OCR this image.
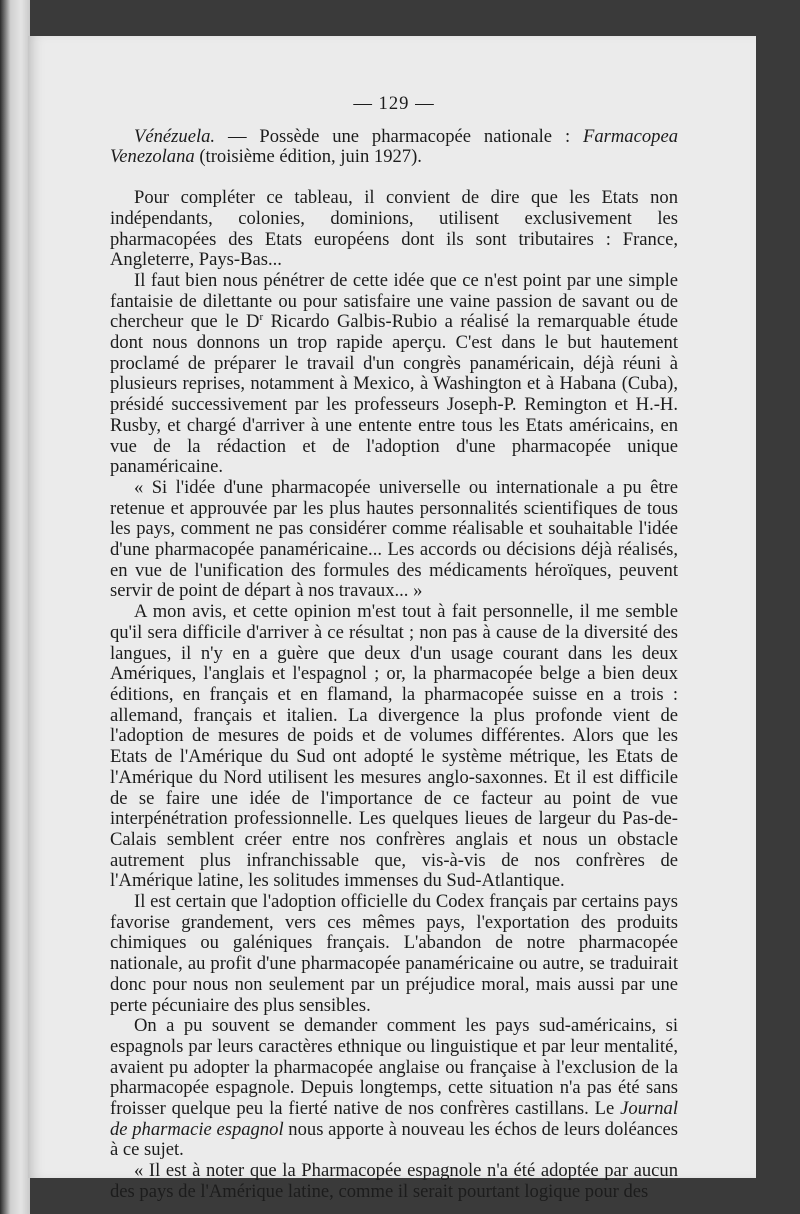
— 129 —

Vénézuela. — Possède une pharmacopée nationale : Farmacopea Venezolana (troisième édition, juin 1927).

Pour compléter ce tableau, il convient de dire que les Etats non indépendants, colonies, dominions, utilisent exclusivement les pharmacopées des Etats européens dont ils sont tributaires : France, Angleterre, Pays-Bas...

Il faut bien nous pénétrer de cette idée que ce n'est point par une simple fantaisie de dilettante ou pour satisfaire une vaine passion de savant ou de chercheur que le $D^r$ Ricardo Galbis-Rubio a réalisé la remarquable étude dont nous donnons un trop rapide aperçu. C'est dans le but hautement proclamé de préparer le travail d'un congrès panaméricain, déjà réuni à plusieurs reprises, notamment à Mexico, à Washington et à Habana (Cuba), présidé successivement par les professeurs Joseph-P. Remington et H.-H. Rusby, et chargé d'arriver à une entente entre tous les Etats américains, en vue de la rédaction et de l'adoption d'une pharmacopée unique panaméricaine.

« Si l'idée d'une pharmacopée universelle ou internationale a pu être retenue et approuvée par les plus hautes personnalités scientifiques de tous les pays, comment ne pas considérer comme réalisable et souhaitable l'idée d'une pharmacopée panaméricaine... Les accords ou décisions déjà réalisés, en vue de l'unification des formules des médicaments héroïques, peuvent servir de point de départ à nos travaux... »

A mon avis, et cette opinion m'est tout à fait personnelle, il me semble qu'il sera difficile d'arriver à ce résultat ; non pas à cause de la diversité des langues, il n'y en a guère que deux d'un usage courant dans les deux Amériques, l'anglais et l'espagnol ; or, la pharmacopée belge a bien deux éditions, en français et en flamand, la pharmacopée suisse en a trois : allemand, français et italien. La divergence la plus profonde vient de l'adoption de mesures de poids et de volumes différentes. Alors que les Etats de l'Amérique du Sud ont adopté le système métrique, les Etats de l'Amérique du Nord utilisent les mesures anglo-saxonnes. Et il est difficile de se faire une idée de l'importance de ce facteur au point de vue interpénétration professionnelle. Les quelques lieues de largeur du Pas-de-Calais semblent créer entre nos confrères anglais et nous un obstacle autrement plus infranchissable que, vis-à-vis de nos confrères de l'Amérique latine, les solitudes immenses du Sud-Atlantique.

Il est certain que l'adoption officielle du Codex français par certains pays favorise grandement, vers ces mêmes pays, l'exportation des produits chimiques ou galéniques français. L'abandon de notre pharmacopée nationale, au profit d'une pharmacopée panaméricaine ou autre, se traduirait donc pour nous non seulement par un préjudice moral, mais aussi par une perte pécuniaire des plus sensibles.

On a pu souvent se demander comment les pays sud-américains, si espagnols par leurs caractères ethnique ou linguistique et par leur mentalité, avaient pu adopter la pharmacopée anglaise ou française à l'exclusion de la pharmacopée espagnole. Depuis longtemps, cette situation n'a pas été sans froisser quelque peu la fierté native de nos confrères castillans. Le Journal de pharmacie espagnol nous apporte à nouveau les échos de leurs doléances à ce sujet.

« Il est à noter que la Pharmacopée espagnole n'a été adoptée par aucun des pays de l'Amérique latine, comme il serait pourtant logique pour des
